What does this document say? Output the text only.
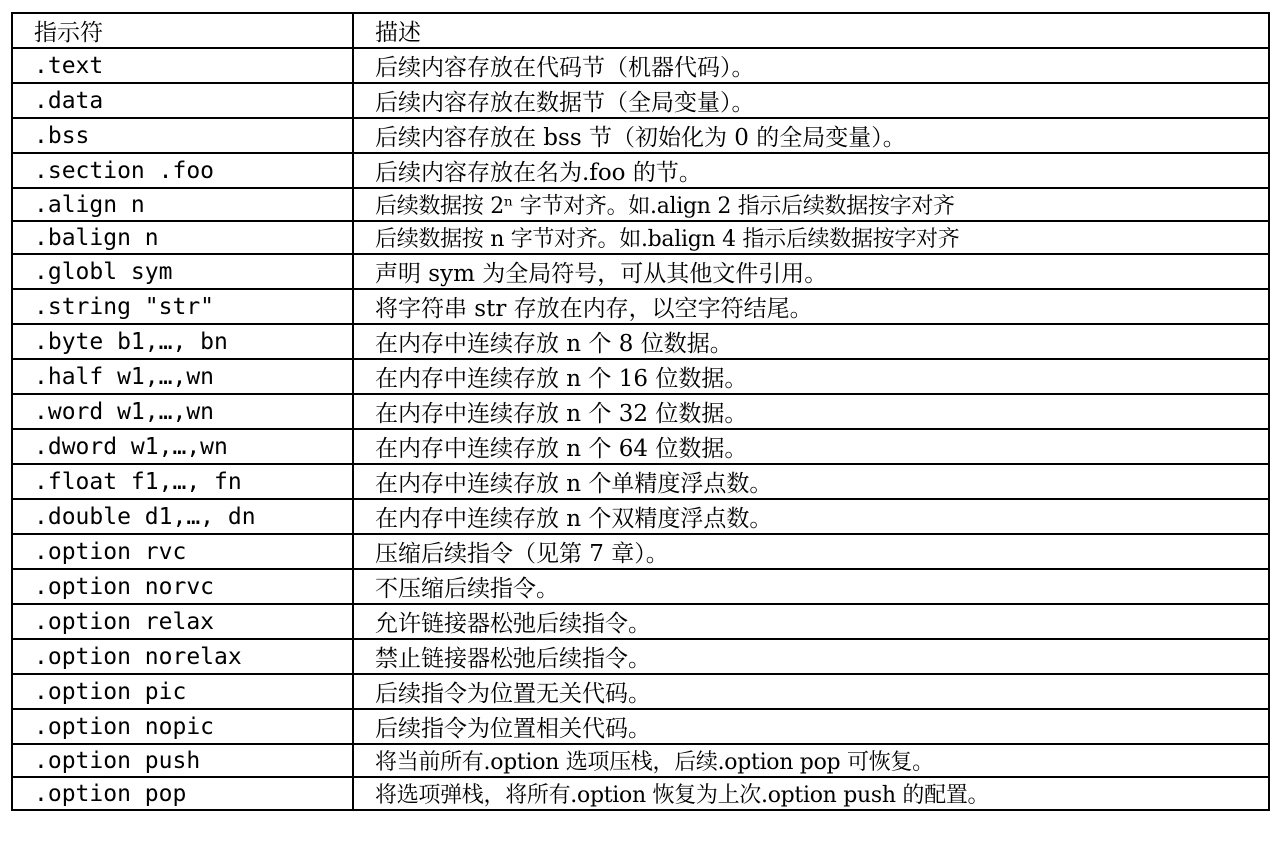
指示符	描述
.text	后续内容存放在代码节（机器代码）。
.data	后续内容存放在数据节（全局变量）。
.bss	后续内容存放在 bss 节（初始化为 0 的全局变量）。
.section .foo	后续内容存放在名为.foo 的节。
.align n	后续数据按 2ⁿ 字节对齐。如.align 2 指示后续数据按字对齐
.balign n	后续数据按 n 字节对齐。如.balign 4 指示后续数据按字对齐
.globl sym	声明 sym 为全局符号，可从其他文件引用。
.string "str"	将字符串 str 存放在内存，以空字符结尾。
.byte b1,…, bn	在内存中连续存放 n 个 8 位数据。
.half w1,…,wn	在内存中连续存放 n 个 16 位数据。
.word w1,…,wn	在内存中连续存放 n 个 32 位数据。
.dword w1,…,wn	在内存中连续存放 n 个 64 位数据。
.float f1,…, fn	在内存中连续存放 n 个单精度浮点数。
.double d1,…, dn	在内存中连续存放 n 个双精度浮点数。
.option rvc	压缩后续指令（见第 7 章）。
.option norvc	不压缩后续指令。
.option relax	允许链接器松弛后续指令。
.option norelax	禁止链接器松弛后续指令。
.option pic	后续指令为位置无关代码。
.option nopic	后续指令为位置相关代码。
.option push	将当前所有.option 选项压栈，后续.option pop 可恢复。
.option pop	将选项弹栈，将所有.option 恢复为上次.option push 的配置。
